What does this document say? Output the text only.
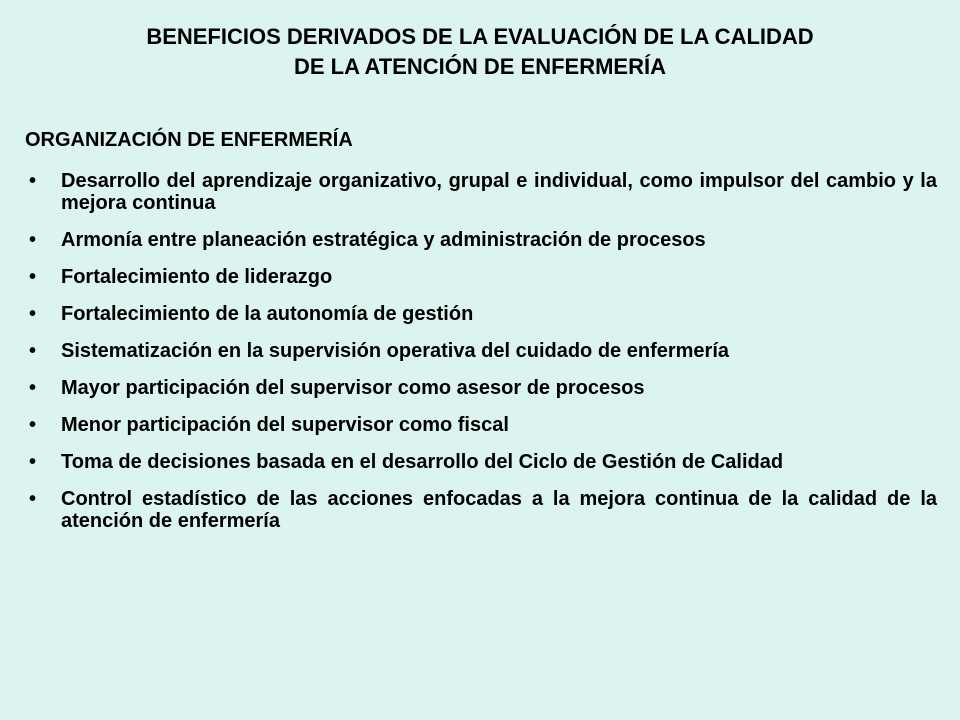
BENEFICIOS DERIVADOS DE LA EVALUACIÓN DE LA CALIDAD
DE LA ATENCIÓN DE ENFERMERÍA
ORGANIZACIÓN DE ENFERMERÍA
• Desarrollo del aprendizaje organizativo, grupal e individual, como impulsor del cambio y la mejora continua
• Armonía entre planeación estratégica y administración de procesos
• Fortalecimiento de liderazgo
• Fortalecimiento de la autonomía de gestión
• Sistematización en la supervisión operativa del cuidado de enfermería
• Mayor participación del supervisor como asesor de procesos
• Menor participación del supervisor como fiscal
• Toma de decisiones basada en el desarrollo del Ciclo de Gestión de Calidad
• Control estadístico de las acciones enfocadas a la mejora continua de la calidad de la atención de enfermería
